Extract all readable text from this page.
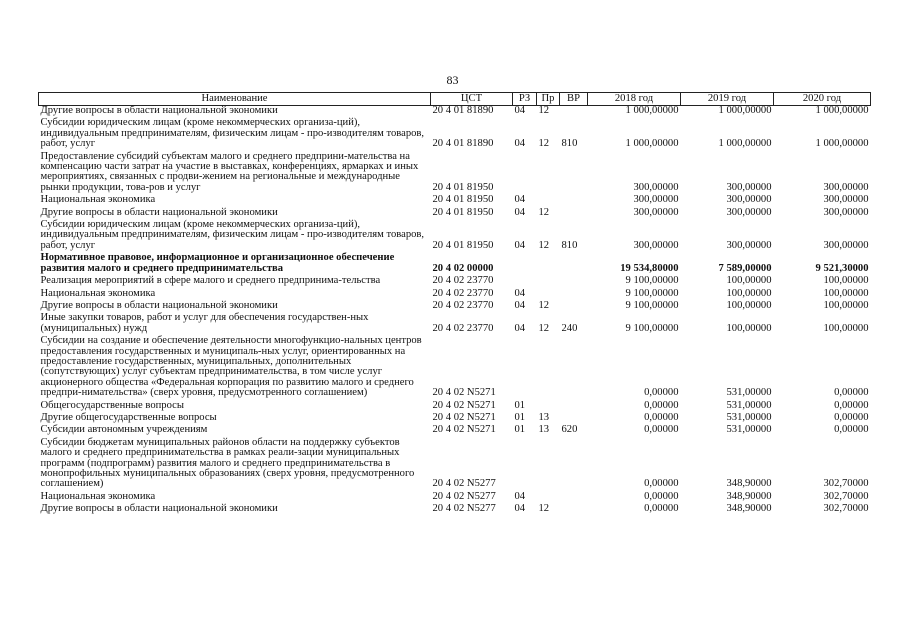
83
Наименование	ЦСТ	РЗ	Пр	ВР	2018 год	2019 год	2020 год
Другие вопросы в области национальной экономики	20 4 01 81890	04	12		1 000,00000	1 000,00000	1 000,00000
Субсидии юридическим лицам (кроме некоммерческих организа-ций), индивидуальным предпринимателям, физическим лицам - про-изводителям товаров, работ, услуг	20 4 01 81890	04	12	810	1 000,00000	1 000,00000	1 000,00000
Предоставление субсидий субъектам малого и среднего предприни-мательства на компенсацию части затрат на участие в выставках, конференциях, ярмарках и иных мероприятиях, связанных с продви-жением на региональные и международные рынки продукции, това-ров и услуг	20 4 01 81950				300,00000	300,00000	300,00000
Национальная экономика	20 4 01 81950	04			300,00000	300,00000	300,00000
Другие вопросы в области национальной экономики	20 4 01 81950	04	12		300,00000	300,00000	300,00000
Субсидии юридическим лицам (кроме некоммерческих организа-ций), индивидуальным предпринимателям, физическим лицам - про-изводителям товаров, работ, услуг	20 4 01 81950	04	12	810	300,00000	300,00000	300,00000
Нормативное правовое, информационное и организационное обеспечение развития малого и среднего предпринимательства	20 4 02 00000				19 534,80000	7 589,00000	9 521,30000
Реализация мероприятий в сфере малого и среднего предпринима-тельства	20 4 02 23770				9 100,00000	100,00000	100,00000
Национальная экономика	20 4 02 23770	04			9 100,00000	100,00000	100,00000
Другие вопросы в области национальной экономики	20 4 02 23770	04	12		9 100,00000	100,00000	100,00000
Иные закупки товаров, работ и услуг для обеспечения государствен-ных (муниципальных) нужд	20 4 02 23770	04	12	240	9 100,00000	100,00000	100,00000
Субсидии на создание и обеспечение деятельности многофункцио-нальных центров предоставления государственных и муниципаль-ных услуг, ориентированных на предоставление государственных, муниципальных, дополнительных (сопутствующих) услуг субъектам предпринимательства, в том числе услуг акционерного общества «Федеральная корпорация по развитию малого и среднего предпри-нимательства» (сверх уровня, предусмотренного соглашением)	20 4 02 N5271				0,00000	531,00000	0,00000
Общегосударственные вопросы	20 4 02 N5271	01			0,00000	531,00000	0,00000
Другие общегосударственные вопросы	20 4 02 N5271	01	13		0,00000	531,00000	0,00000
Субсидии автономным учреждениям	20 4 02 N5271	01	13	620	0,00000	531,00000	0,00000
Субсидии бюджетам муниципальных районов области на поддержку субъектов малого и среднего предпринимательства в рамках реали-зации муниципальных программ (подпрограмм) развития малого и среднего предпринимательства в монопрофильных муниципальных образованиях (сверх уровня, предусмотренного соглашением)	20 4 02 N5277				0,00000	348,90000	302,70000
Национальная экономика	20 4 02 N5277	04			0,00000	348,90000	302,70000
Другие вопросы в области национальной экономики	20 4 02 N5277	04	12		0,00000	348,90000	302,70000
